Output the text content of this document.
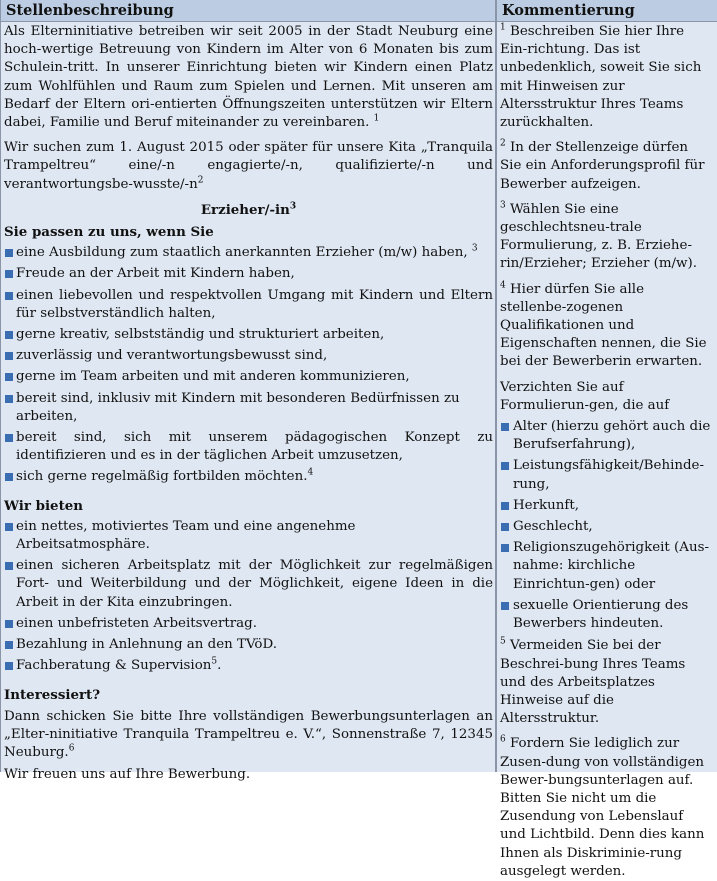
Stellenbeschreibung	Kommentierung

Als Elterninitiative betreiben wir seit 2005 in der Stadt Neuburg eine hoch-wertige Betreuung von Kindern im Alter von 6 Monaten bis zum Schulein-tritt. In unserer Einrichtung bieten wir Kindern einen Platz zum Wohlfühlen und Raum zum Spielen und Lernen. Mit unseren am Bedarf der Eltern ori-entierten Öffnungszeiten unterstützen wir Eltern dabei, Familie und Beruf miteinander zu vereinbaren. $^1$

Wir suchen zum 1. August 2015 oder später für unsere Kita „Tranquila Trampeltreu“ eine/-n engagierte/-n, qualifizierte/-n und verantwortungsbe-$wusste/-n^2$

Erzieher/$-in^3$

Sie passen zu uns, wenn Sie

eine Ausbildung zum staatlich anerkannten Erzieher (m/w) haben, $^3$

Freude an der Arbeit mit Kindern haben,

einen liebevollen und respektvollen Umgang mit Kindern und Eltern für selbstverständlich halten,

gerne kreativ, selbstständig und strukturiert arbeiten,

zuverlässig und verantwortungsbewusst sind,

gerne im Team arbeiten und mit anderen kommunizieren,

bereit sind, inklusiv mit Kindern mit besonderen Bedürfnissen zu arbeiten,

bereit sind, sich mit unserem pädagogischen Konzept zu identifizieren und es in der täglichen Arbeit umzusetzen,

sich gerne regelmäßig fortbilden möchten.$^4$

Wir bieten

ein nettes, motiviertes Team und eine angenehme Arbeitsatmosphäre.

einen sicheren Arbeitsplatz mit der Möglichkeit zur regelmäßigen Fort- und Weiterbildung und der Möglichkeit, eigene Ideen in die Arbeit in der Kita einzubringen.

einen unbefristeten Arbeitsvertrag.

Bezahlung in Anlehnung an den TVöD.

Fachberatung & Supervision$^5$.

Interessiert?

Dann schicken Sie bitte Ihre vollständigen Bewerbungsunterlagen an „Elter-ninitiative Tranquila Trampeltreu e. V.“, Sonnenstraße 7, 12345 Neuburg.$^6$

Wir freuen uns auf Ihre Bewerbung.

$^1$ Beschreiben Sie hier Ihre Ein-richtung. Das ist unbedenklich, soweit Sie sich mit Hinweisen zur Altersstruktur Ihres Teams zurückhalten.

$^2$ In der Stellenzeige dürfen Sie ein Anforderungsprofil für Bewerber aufzeigen.

$^3$ Wählen Sie eine geschlechtsneu-trale Formulierung, z. B. Erziehe-rin/Erzieher; Erzieher (m/w).

$^4$ Hier dürfen Sie alle stellenbe-zogenen Qualifikationen und Eigenschaften nennen, die Sie bei der Bewerberin erwarten.

Verzichten Sie auf Formulierun-gen, die auf

Alter (hierzu gehört auch die Berufserfahrung),

Leistungsfähigkeit/Behinde-rung,

Herkunft,

Geschlecht,

Religionszugehörigkeit (Aus-nahme: kirchliche Einrichtun-gen) oder

sexuelle Orientierung des Bewerbers hindeuten.

$^5$ Vermeiden Sie bei der Beschrei-bung Ihres Teams und des Arbeitsplatzes Hinweise auf die Altersstruktur.

$^6$ Fordern Sie lediglich zur Zusen-dung von vollständigen Bewer-bungsunterlagen auf. Bitten Sie nicht um die Zusendung von Lebenslauf und Lichtbild. Denn dies kann Ihnen als Diskriminie-rung ausgelegt werden.
